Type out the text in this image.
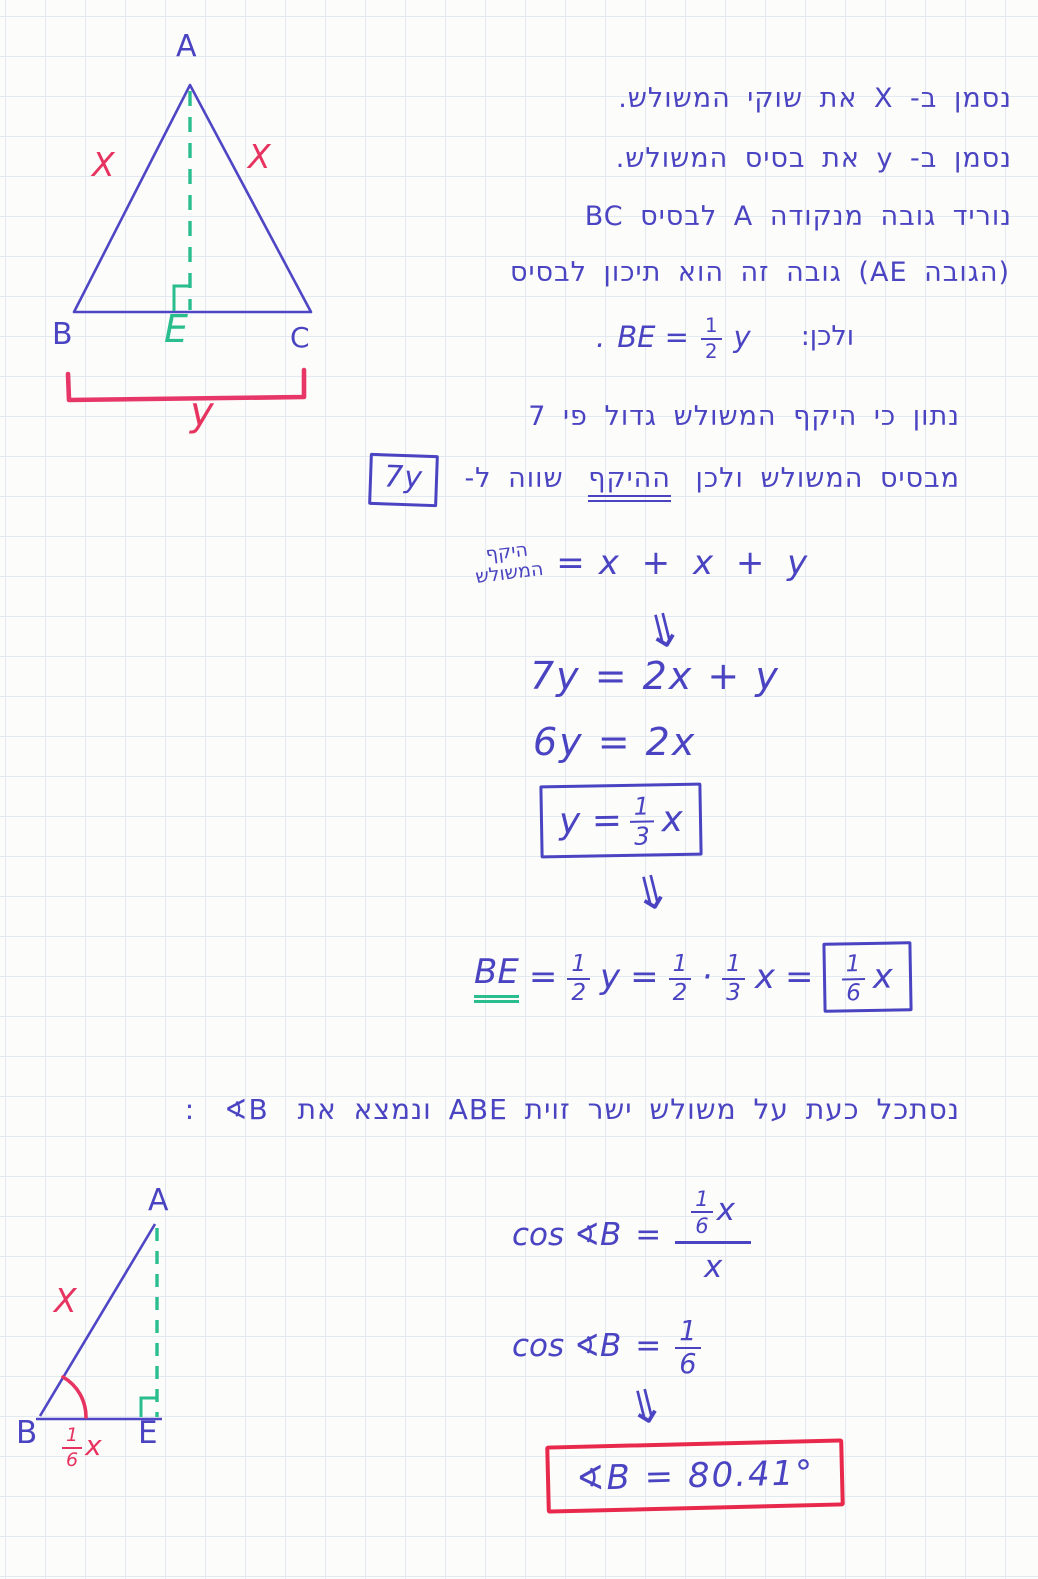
A
X	X
B E	C
y
נסמן ב- X את שוקי המשולש.
נסמן ב- y את בסיס המשולש.
נוריד גובה מנקודה A לבסיס BC
(הגובה AE) גובה זה הוא תיכון לבסיס
. BE = $\frac{1}{2}$ y ולכן:
נתון כי היקף המשולש גדול פי 7
מבסיס המשולש ולכן ההיקף שווה ל- 7y
היקף
המשולש = x + x + y
⇓
7y = 2x + y
6y = 2x
$y = \frac{1}{3}$ x
⇓
BE = $\frac{1}{2}$ $y = \frac{1}{2} \cdot 1$
3 x = 1
6 x
נסתכל כעת על משולש ישר זוית ABE ונמצא את ∢B :
A
X
B	E
1
6 x
cos ∢B = 1
6 x
x
cos ∢B = $\frac{1}{6}$
⇓
∢B = 80.41°
